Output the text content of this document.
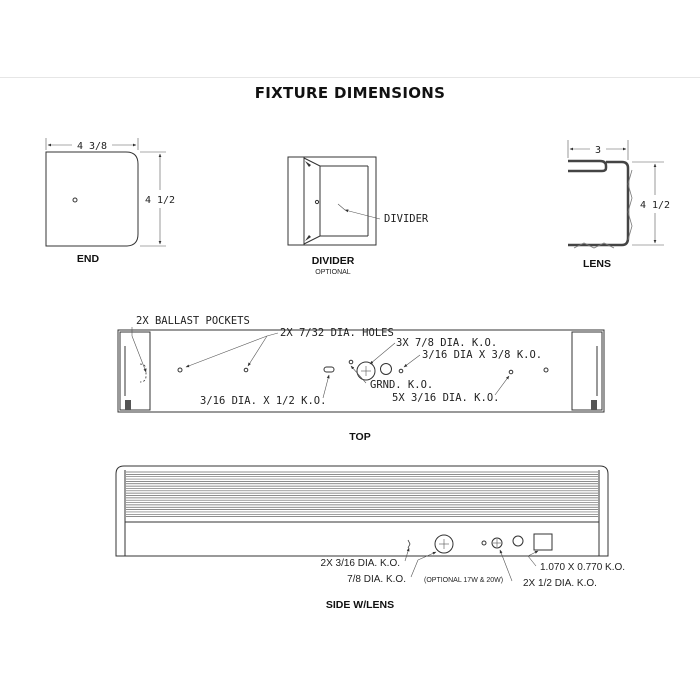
FIXTURE DIMENSIONS
4 3/8
4 1/2
END
DIVIDER
DIVIDER
OPTIONAL
3
4 1/2
LENS
2X BALLAST POCKETS
2X 7/32 DIA. HOLES
3X 7/8 DIA. K.O.
3/16 DIA X 3/8 K.O.
GRND. K.O.
3/16 DIA. X 1/2 K.O.	5X 3/16 DIA. K.O.
TOP
2X 3/16 DIA. K.O.
7/8 DIA. K.O.	(OPTIONAL 17W & 20W)
1.070 X 0.770 K.O.
2X 1/2 DIA. K.O.
SIDE W/LENS
